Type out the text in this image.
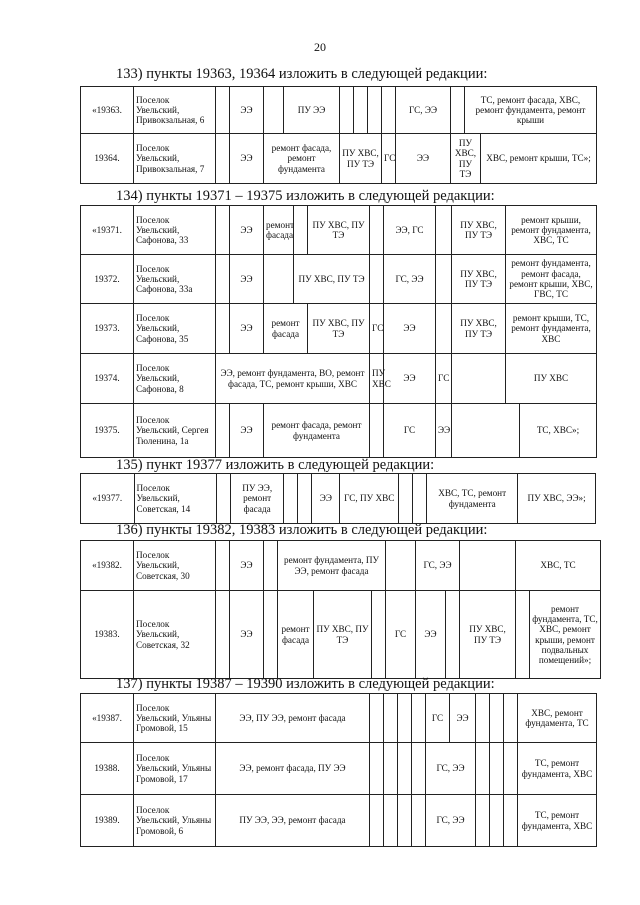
20
133) пункты 19363, 19364 изложить в следующей редакции:
«19363.	Поселок Увельский, Привокзальная, 6		ЭЭ		ПУ ЭЭ					ГС, ЭЭ		ТС, ремонт фасада, ХВС, ремонт фундамента, ремонт крыши	
19364.	Поселок Увельский, Привокзальная, 7		ЭЭ	ремонт фасада, ремонт фундамента		ПУ ХВС, ПУ ТЭ			ГС	ЭЭ	ПУ ХВС, ПУ ТЭ		ХВС, ремонт крыши, ТС»;
134) пункты 19371 – 19375 изложить в следующей редакции:
«19371.	Поселок Увельский, Сафонова, 33		ЭЭ	ремонт фасада		ПУ ХВС, ПУ ТЭ		ЭЭ, ГС		ПУ ХВС, ПУ ТЭ	ремонт крыши, ремонт фундамента, ХВС, ТС	
19372.	Поселок Увельский, Сафонова, 33а		ЭЭ		ПУ ХВС, ПУ ТЭ			ГС, ЭЭ		ПУ ХВС, ПУ ТЭ	ремонт фундамента, ремонт фасада, ремонт крыши, ХВС, ГВС, ТС	
19373.	Поселок Увельский, Сафонова, 35		ЭЭ	ремонт фасада		ПУ ХВС, ПУ ТЭ	ГС	ЭЭ		ПУ ХВС, ПУ ТЭ	ремонт крыши, ТС, ремонт фундамента, ХВС	
19374.	Поселок Увельский, Сафонова, 8	ЭЭ, ремонт фундамента, ВО, ремонт фасада, ТС, ремонт крыши, ХВС					ПУ ХВС	ЭЭ	ГС		ПУ ХВС	
19375.	Поселок Увельский, Сергея Тюленина, 1а		ЭЭ	ремонт фасада, ремонт фундамента				ГС	ЭЭ			ТС, ХВС»;
135) пункт 19377 изложить в следующей редакции:
«19377.	Поселок Увельский, Советская, 14		ПУ ЭЭ, ремонт фасада			ЭЭ	ГС, ПУ ХВС			ХВС, ТС, ремонт фундамента	ПУ ХВС, ЭЭ»;
136) пункты 19382, 19383 изложить в следующей редакции:
«19382.	Поселок Увельский, Советская, 30		ЭЭ		ремонт фундамента, ПУ ЭЭ, ремонт фасада				ГС, ЭЭ			ХВС, ТС	
19383.	Поселок Увельский, Советская, 32		ЭЭ		ремонт фасада	ПУ ХВС, ПУ ТЭ		ГС	ЭЭ		ПУ ХВС, ПУ ТЭ		ремонт фундамента, ТС, ХВС, ремонт крыши, ремонт подвальных помещений»;
137) пункты 19387 – 19390 изложить в следующей редакции:
«19387.	Поселок Увельский, Ульяны Громовой, 15	ЭЭ, ПУ ЭЭ, ремонт фасада					ГС	ЭЭ				ХВС, ремонт фундамента, ТС
19388.	Поселок Увельский, Ульяны Громовой, 17	ЭЭ, ремонт фасада, ПУ ЭЭ					ГС, ЭЭ					ТС, ремонт фундамента, ХВС
19389.	Поселок Увельский, Ульяны Громовой, 6	ПУ ЭЭ, ЭЭ, ремонт фасада					ГС, ЭЭ					ТС, ремонт фундамента, ХВС
